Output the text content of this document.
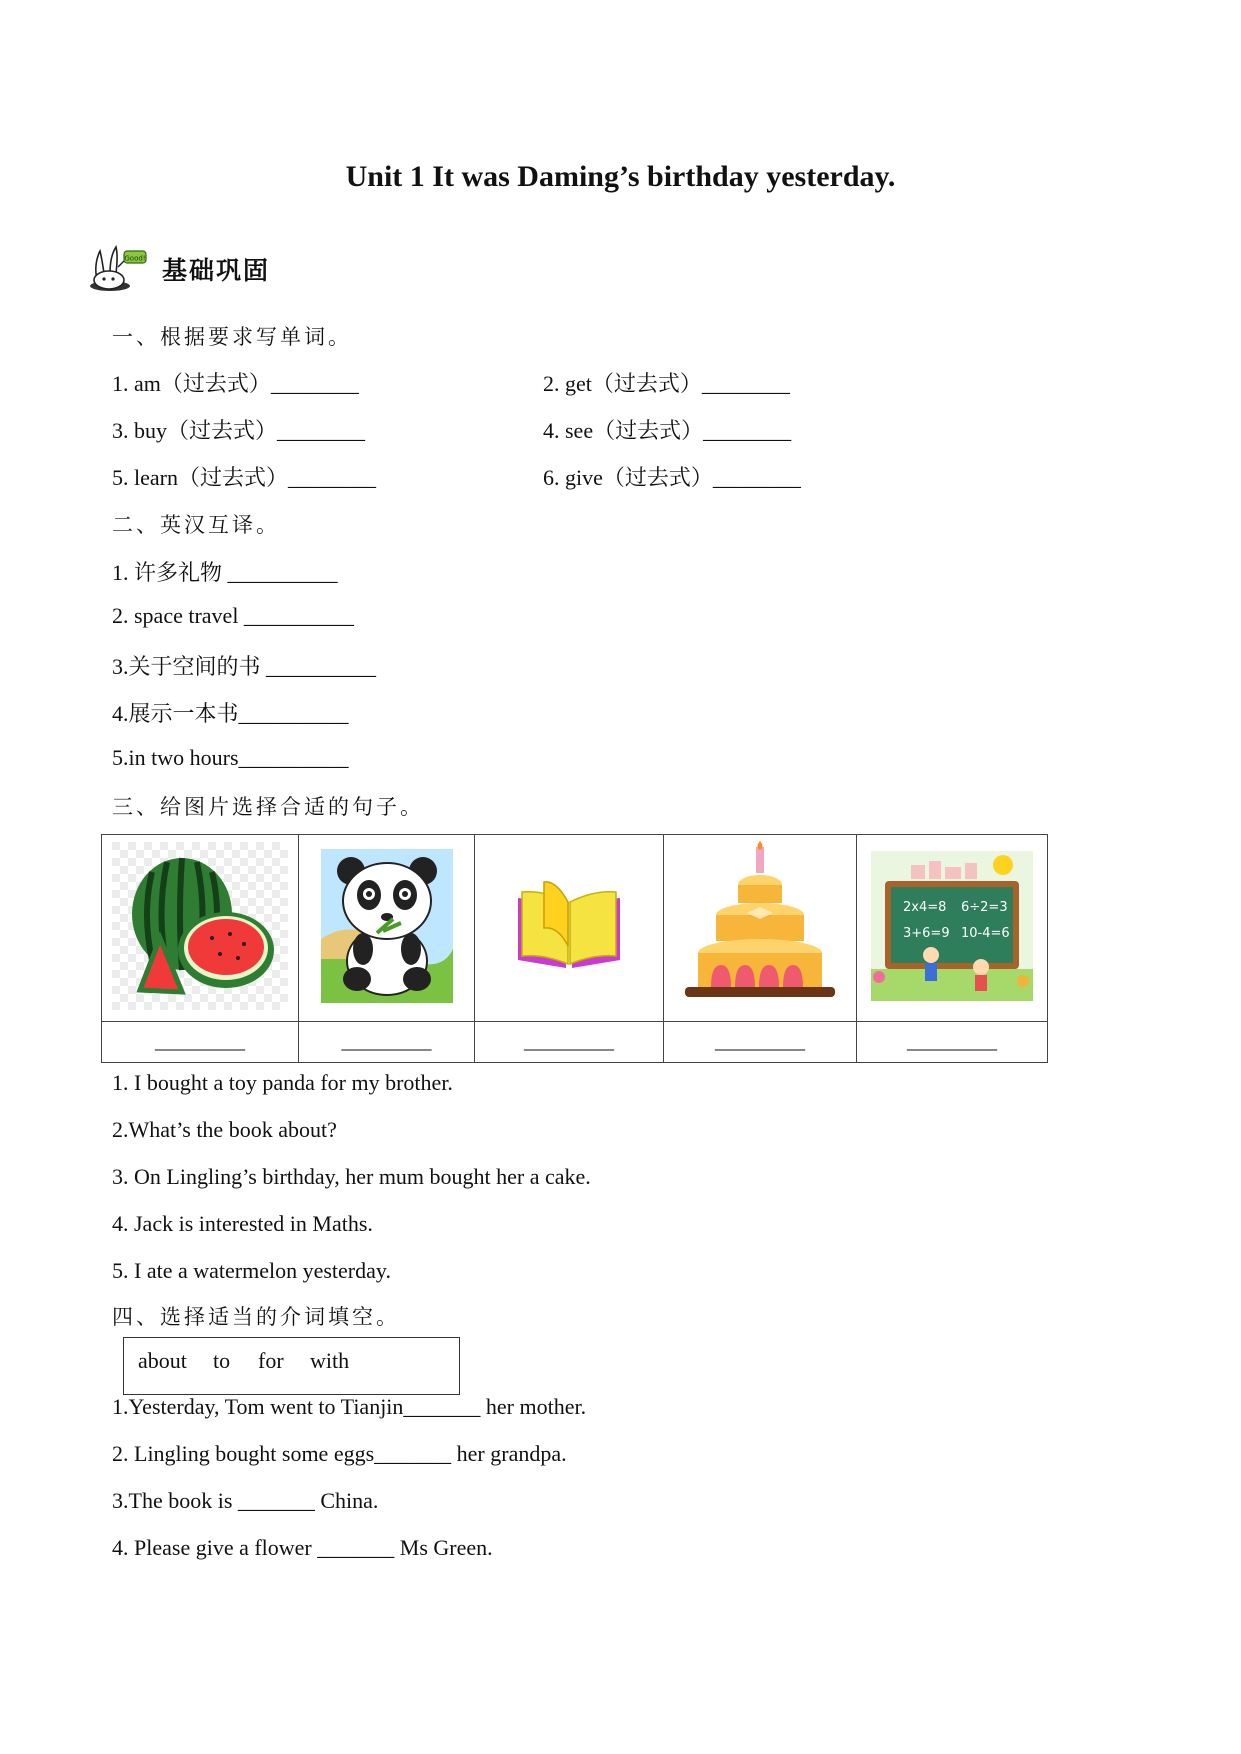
Unit 1 It was Daming’s birthday yesterday.
Good! 基础巩固
一、根据要求写单词。
1. am（过去式）________	2. get（过去式）________
3. buy（过去式）________	4. see（过去式）________
5. learn（过去式）________	6. give（过去式）________
二、英汉互译。
1. 许多礼物 __________
2. space travel __________
3.关于空间的书 __________
4.展示一本书__________
5.in two hours__________
三、给图片选择合适的句子。

2x4=8 6÷2=3
3+6=9 10-4=6

_________	_________	_________	_________	_________
1. I bought a toy panda for my brother.
2.What’s the book about?
3. On Lingling’s birthday, her mum bought her a cake.
4. Jack is interested in Maths.
5. I ate a watermelon yesterday.
四、选择适当的介词填空。
about to for with
1.Yesterday, Tom went to Tianjin_______ her mother.
2. Lingling bought some eggs_______ her grandpa.
3.The book is _______ China.
4. Please give a flower _______ Ms Green.
